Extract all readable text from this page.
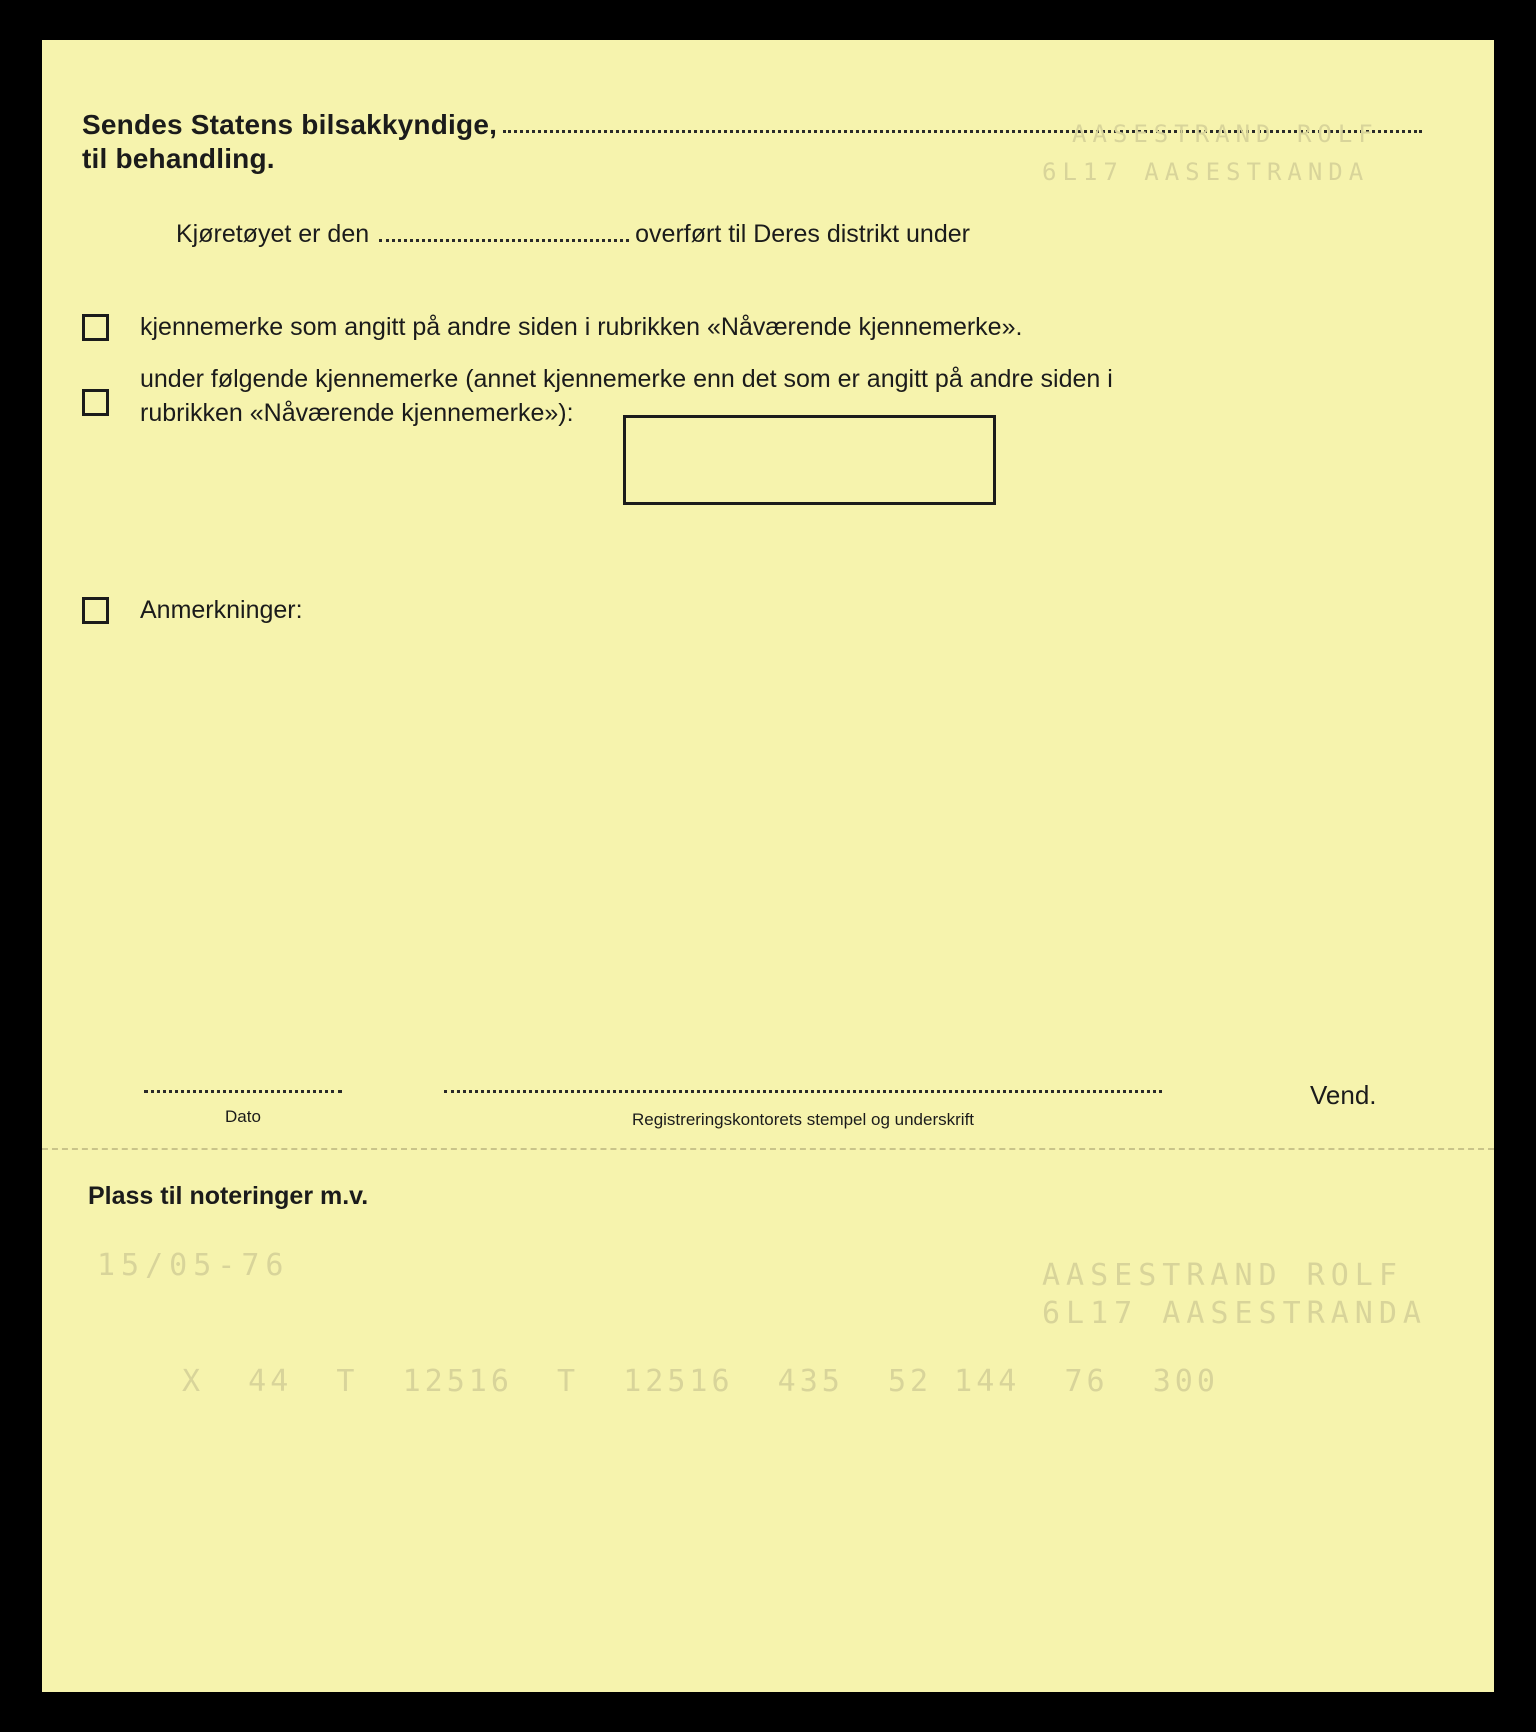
Sendes Statens bilsakkyndige,
til behandling.
Kjøretøyet er den	overført til Deres distrikt under
kjennemerke som angitt på andre siden i rubrikken «Nåværende kjennemerke».
under følgende kjennemerke (annet kjennemerke enn det som er angitt på andre siden i
rubrikken «Nåværende kjennemerke»):
Anmerkninger:
AASESTRAND ROLF
6L17 AASESTRANDA
Dato	Registreringskontorets stempel og underskrift
Vend.
Plass til noteringer m.v.
15/05-76	AASESTRAND ROLF
6L17 AASESTRANDA
X  44  T  12516  T  12516  435  52 144  76  300
